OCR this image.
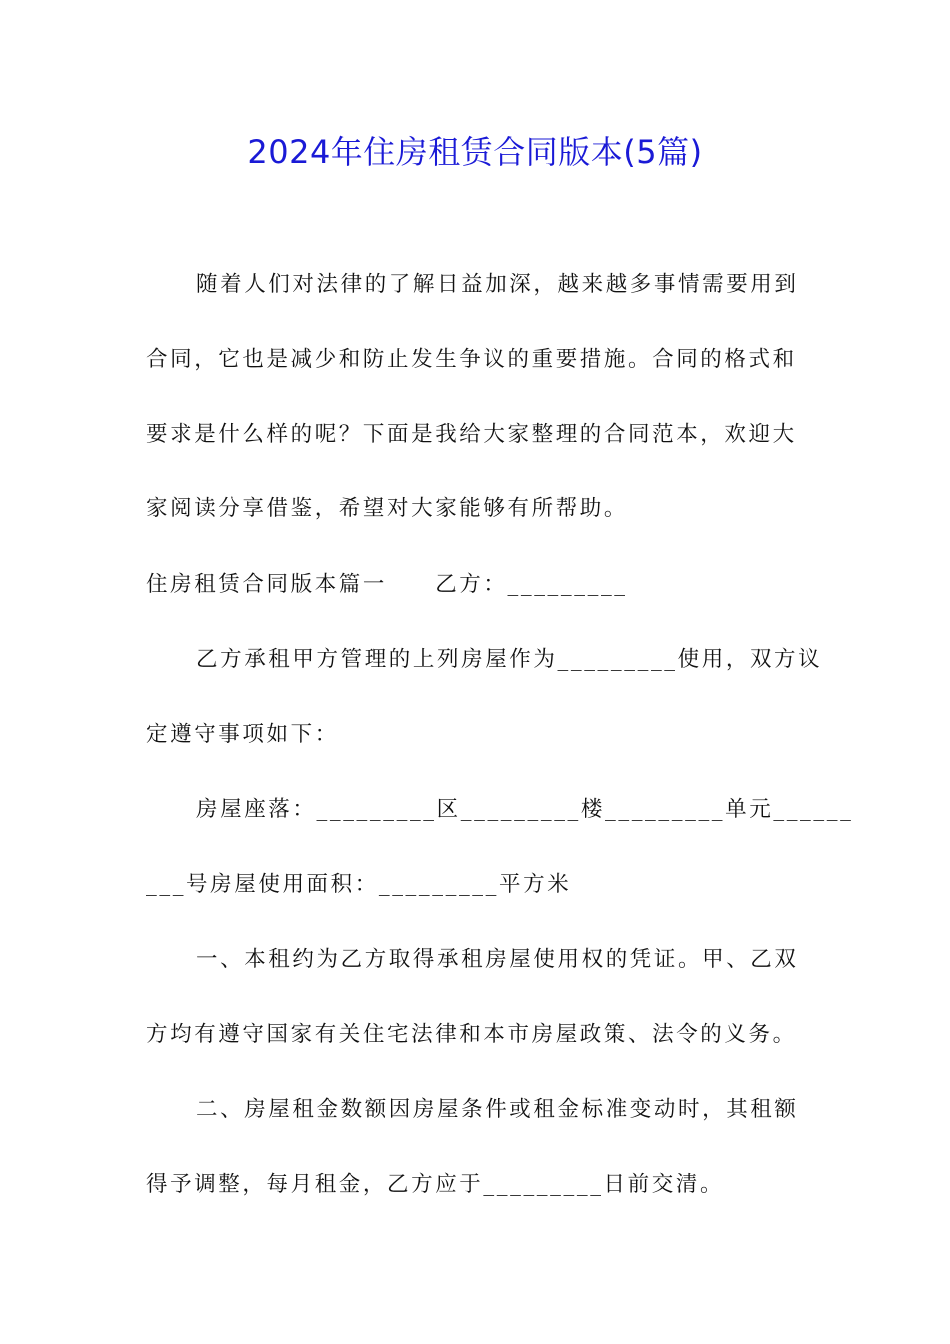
2024年住房租赁合同版本(5篇)
随着人们对法律的了解日益加深，越来越多事情需要用到
合同，它也是减少和防止发生争议的重要措施。合同的格式和
要求是什么样的呢？下面是我给大家整理的合同范本，欢迎大
家阅读分享借鉴，希望对大家能够有所帮助。
住房租赁合同版本篇一　　乙方：_________
乙方承租甲方管理的上列房屋作为_________使用，双方议
定遵守事项如下：
房屋座落：_________区_________楼_________单元______
___号房屋使用面积：_________平方米
一、本租约为乙方取得承租房屋使用权的凭证。甲、乙双
方均有遵守国家有关住宅法律和本市房屋政策、法令的义务。
二、房屋租金数额因房屋条件或租金标准变动时，其租额
得予调整，每月租金，乙方应于_________日前交清。
